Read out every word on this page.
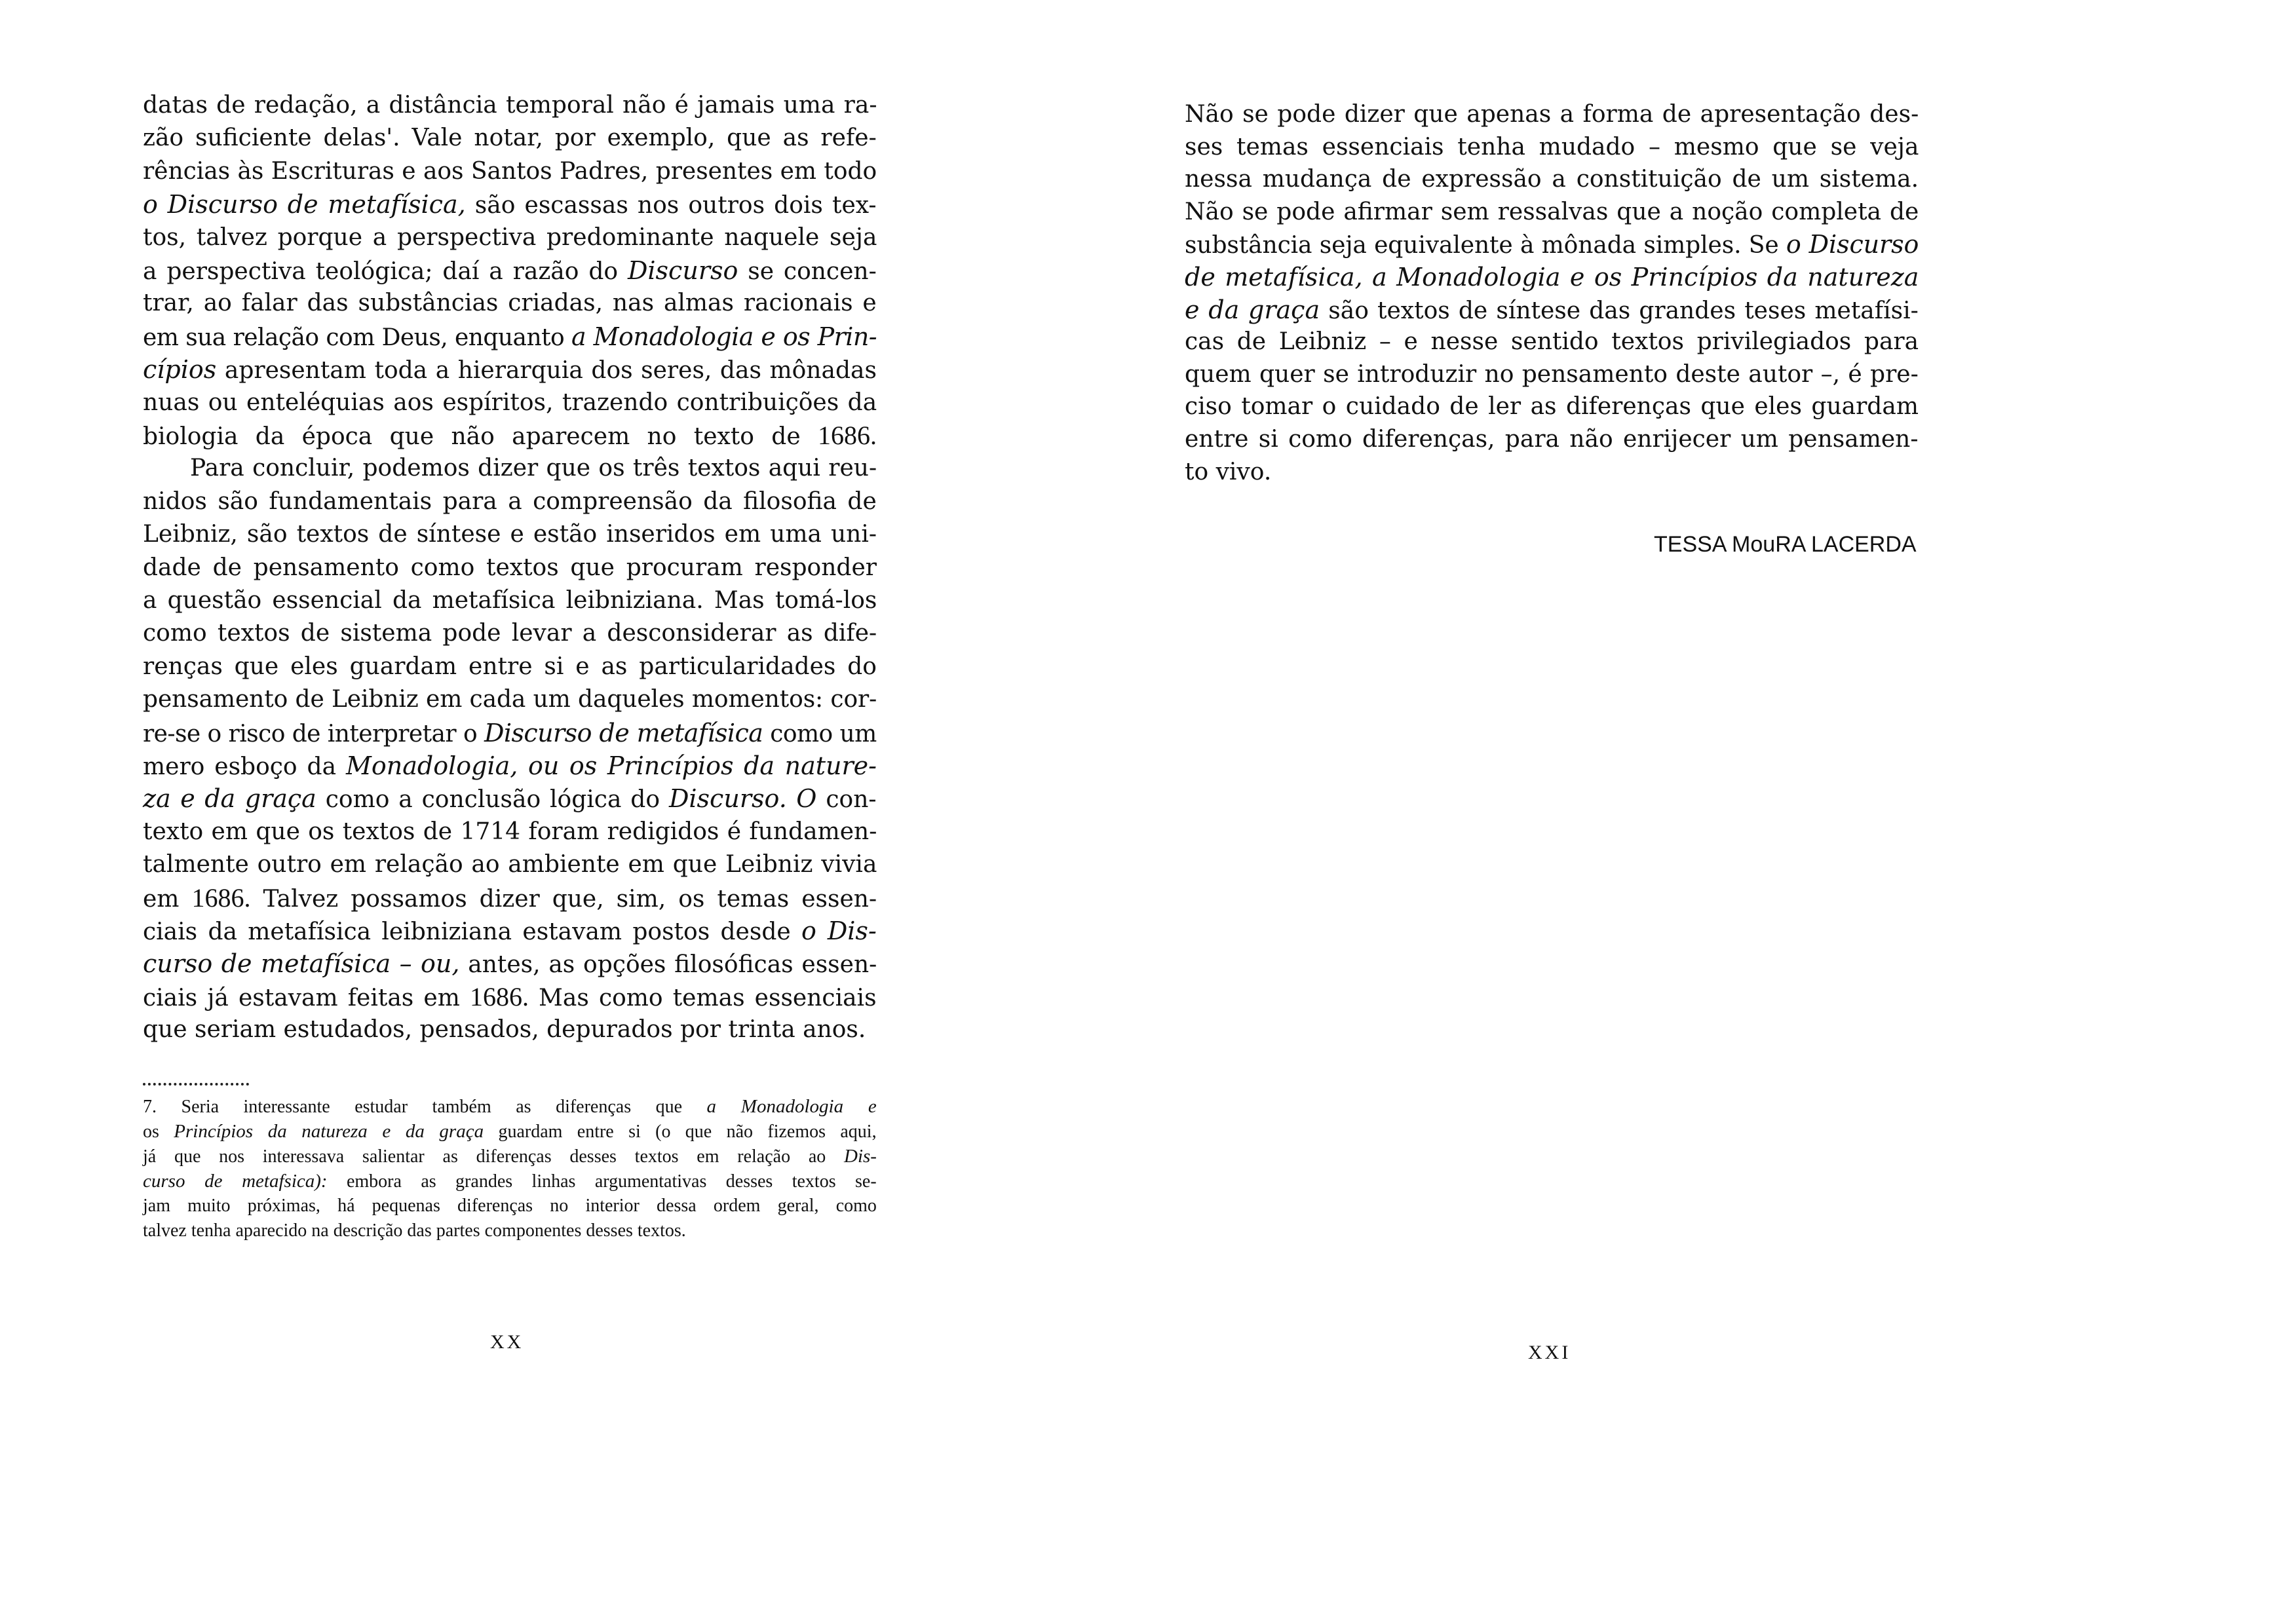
datas de redação, a distância temporal não é jamais uma ra-
zão suficiente delas'. Vale notar, por exemplo, que as refe-
rências às Escrituras e aos Santos Padres, presentes em todo
o Discurso de metafísica, são escassas nos outros dois tex-
tos, talvez porque a perspectiva predominante naquele seja
a perspectiva teológica; daí a razão do Discurso se concen-
trar, ao falar das substâncias criadas, nas almas racionais e
em sua relação com Deus, enquanto a Monadologia e os Prin-
cípios apresentam toda a hierarquia dos seres, das mônadas
nuas ou enteléquias aos espíritos, trazendo contribuições da
biologia da época que não aparecem no texto de 1686.
Para concluir, podemos dizer que os três textos aqui reu-
nidos são fundamentais para a compreensão da filosofia de
Leibniz, são textos de síntese e estão inseridos em uma uni-
dade de pensamento como textos que procuram responder
a questão essencial da metafísica leibniziana. Mas tomá-los
como textos de sistema pode levar a desconsiderar as dife-
renças que eles guardam entre si e as particularidades do
pensamento de Leibniz em cada um daqueles momentos: cor-
re-se o risco de interpretar o Discurso de metafísica como um
mero esboço da Monadologia, ou os Princípios da nature-
za e da graça como a conclusão lógica do Discurso. O con-
texto em que os textos de 1714 foram redigidos é fundamen-
talmente outro em relação ao ambiente em que Leibniz vivia
em 1686. Talvez possamos dizer que, sim, os temas essen-
ciais da metafísica leibniziana estavam postos desde o Dis-
curso de metafísica – ou, antes, as opções filosóficas essen-
ciais já estavam feitas em 1686. Mas como temas essenciais
que seriam estudados, pensados, depurados por trinta anos.
7. Seria interessante estudar também as diferenças que a Monadologia e
os Princípios da natureza e da graça guardam entre si (o que não fizemos aqui,
já que nos interessava salientar as diferenças desses textos em relação ao Dis-
curso de metafsica): embora as grandes linhas argumentativas desses textos se-
jam muito próximas, há pequenas diferenças no interior dessa ordem geral, como
talvez tenha aparecido na descrição das partes componentes desses textos.
XX
Não se pode dizer que apenas a forma de apresentação des-
ses temas essenciais tenha mudado – mesmo que se veja
nessa mudança de expressão a constituição de um sistema.
Não se pode afirmar sem ressalvas que a noção completa de
substância seja equivalente à mônada simples. Se o Discurso
de metafísica, a Monadologia e os Princípios da natureza
e da graça são textos de síntese das grandes teses metafísi-
cas de Leibniz – e nesse sentido textos privilegiados para
quem quer se introduzir no pensamento deste autor –, é pre-
ciso tomar o cuidado de ler as diferenças que eles guardam
entre si como diferenças, para não enrijecer um pensamen-
to vivo.
TESSA MouRA LACERDA
XXI
